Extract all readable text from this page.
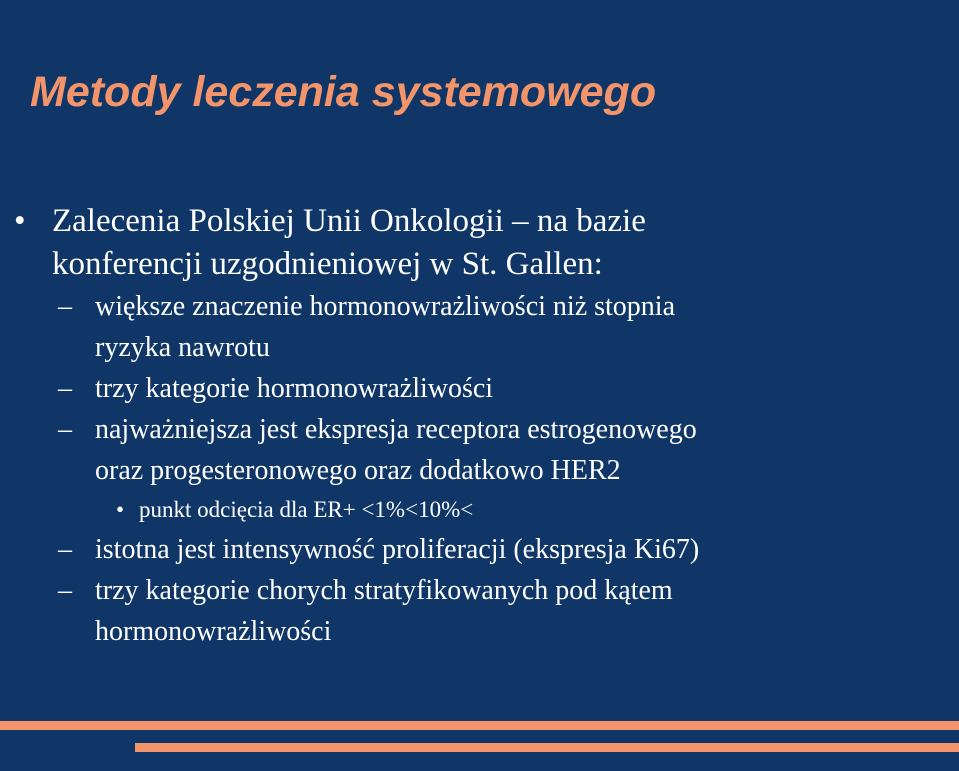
Metody leczenia systemowego
• Zalecenia Polskiej Unii Onkologii – na bazie
konferencji uzgodnieniowej w St. Gallen:
– większe znaczenie hormonowrażliwości niż stopnia
ryzyka nawrotu
– trzy kategorie hormonowrażliwości
– najważniejsza jest ekspresja receptora estrogenowego
oraz progesteronowego oraz dodatkowo HER2
• punkt odcięcia dla ER+ <1%<10%<
– istotna jest intensywność proliferacji (ekspresja Ki67)
– trzy kategorie chorych stratyfikowanych pod kątem
hormonowrażliwości
